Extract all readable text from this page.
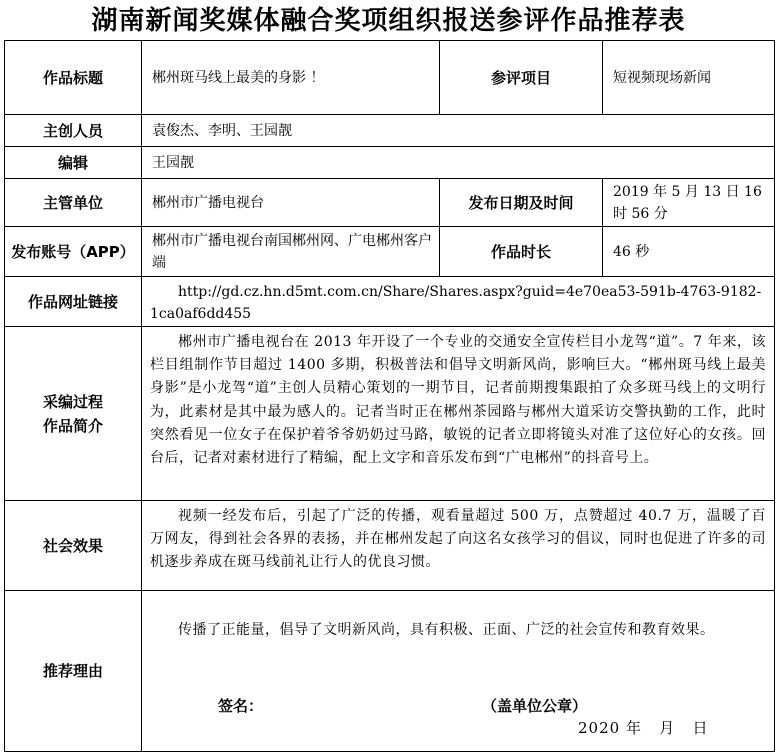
湖南新闻奖媒体融合奖项组织报送参评作品推荐表
作品标题	郴州斑马线上最美的身影 ！	参评项目	短视频现场新闻
主创人员	袁俊杰、李明、王园靓		
编辑	王园靓		
主管单位	郴州市广播电视台	发布日期及时间	2019 年 5 月 13 日 16 时 56 分
发布账号（APP）	郴州市广播电视台南国郴州网、广电郴州客户端	作品时长	46 秒
作品网址链接	http://gd.cz.hn.d5mt.com.cn/Share/Shares.aspx?guid=4e70ea53-591b-4763-9182-1ca0af6dd455		

采编过程
作品简介	郴州市广播电视台在 2013 年开设了一个专业的交通安全宣传栏目小龙驾“道”。7 年来，该栏目组制作节目超过 1400 多期，积极普法和倡导文明新风尚，影响巨大。“郴州斑马线上最美身影”是小龙驾“道”主创人员精心策划的一期节目，记者前期搜集跟拍了众多斑马线上的文明行为，此素材是其中最为感人的。记者当时正在郴州茶园路与郴州大道采访交警执勤的工作，此时突然看见一位女子在保护着爷爷奶奶过马路，敏锐的记者立即将镜头对准了这位好心的女孩。回台后，记者对素材进行了精编，配上文字和音乐发布到“广电郴州”的抖音号上。		
社会效果	视频一经发布后，引起了广泛的传播，观看量超过 500 万，点赞超过 40.7 万，温暖了百万网友，得到社会各界的表扬，并在郴州发起了向这名女孩学习的倡议，同时也促进了许多的司机逐步养成在斑马线前礼让行人的优良习惯。		
推荐理由	传播了正能量，倡导了文明新风尚，具有积极、正面、广泛的社会宣传和教育效果。
签名： （盖单位公章）
2020 年   月   日		
